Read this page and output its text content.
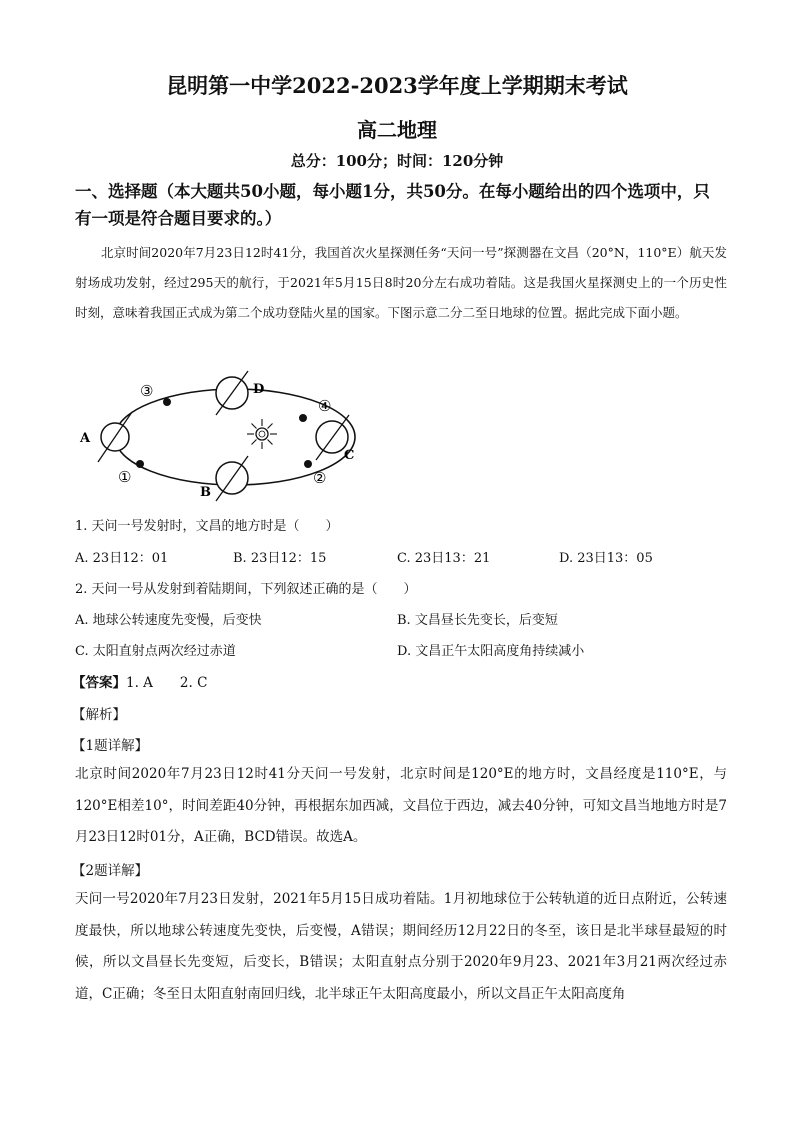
昆明第一中学2022-2023学年度上学期期末考试
高二地理
总分：100分；时间：120分钟
一、选择题（本大题共50小题，每小题1分，共50分。在每小题给出的四个选项中，只有一项是符合题目要求的。）
北京时间2020年7月23日12时41分，我国首次火星探测任务“天问一号”探测器在文昌（20°N，110°E）航天发射场成功发射，经过295天的航行，于2021年5月15日8时20分左右成功着陆。这是我国火星探测史上的一个历史性时刻，意味着我国正式成为第二个成功登陆火星的国家。下图示意二分二至日地球的位置。据此完成下面小题。
A
D
C
B
①	②
③
④
1. 天问一号发射时，文昌的地方时是（　　）
A. 23日12：01	B. 23日12：15	C. 23日13：21	D. 23日13：05
2. 天问一号从发射到着陆期间，下列叙述正确的是（　　）
A. 地球公转速度先变慢，后变快	B. 文昌昼长先变长，后变短
C. 太阳直射点两次经过赤道	D. 文昌正午太阳高度角持续减小
【答案】1. A　　2. C
【解析】
【1题详解】
北京时间2020年7月23日12时41分天问一号发射，北京时间是120°E的地方时，文昌经度是110°E，与120°E相差10°，时间差距40分钟，再根据东加西减，文昌位于西边，减去40分钟，可知文昌当地地方时是7月23日12时01分，A正确，BCD错误。故选A。
【2题详解】
天问一号2020年7月23日发射，2021年5月15日成功着陆。1月初地球位于公转轨道的近日点附近，公转速度最快，所以地球公转速度先变快，后变慢，A错误；期间经历12月22日的冬至，该日是北半球昼最短的时候，所以文昌昼长先变短，后变长，B错误；太阳直射点分别于2020年9月23、2021年3月21两次经过赤道，C正确；冬至日太阳直射南回归线，北半球正午太阳高度最小，所以文昌正午太阳高度角
